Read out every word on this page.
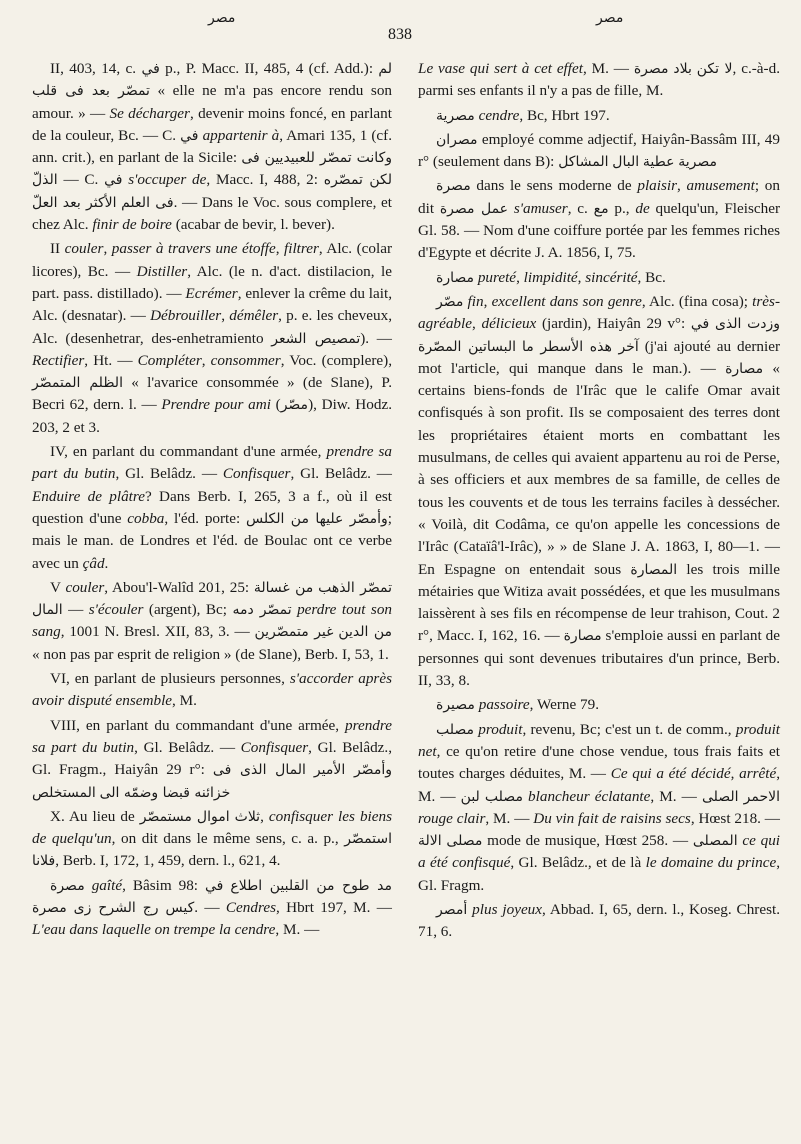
مصر
838
مصر

II, 403, 14, c. في p., P. Macc. II, 485, 4 (cf. Add.): لم تمصّر بعد فى قلب « elle ne m'a pas encore rendu son amour. » — Se décharger, devenir moins foncé, en parlant de la couleur, Bc. — C. في appartenir à, Amari 135, 1 (cf. ann. crit.), en parlant de la Sicile: وكانت تمصّر للعبيديين فى الذلّ — C. في s'occuper de, Macc. I, 488, 2: لكن تمصّره فى العلم الأكثر بعد العلّ	. — Dans le Voc. sous complere, et chez Alc. finir de boire (acabar de bevir, l. bever).

II couler, passer à travers une étoffe, filtrer, Alc. (colar licores), Bc. — Distiller, Alc. (le n. d'act. distilacion, le part. pass. distillado). — Ecrémer, enlever la crême du lait, Alc. (desnatar). — Débrouiller, démêler, p. e. les cheveux, Alc. (desenhetrar, des-enhetramiento تمصيص الشعر). — Rectifier, Ht. — Compléter, consommer, Voc. (complere), الظلم المتمصّر « l'avarice consommée » (de Slane), P. Becri 62, dern. l. — Prendre pour ami (مصّر), Diw. Hodz. 203, 2 et 3.

IV, en parlant du commandant d'une armée, prendre sa part du butin, Gl. Belâdz. — Confisquer, Gl. Belâdz. — Enduire de plâtre? Dans Berb. I, 265, 3 a f., où il est question d'une cobba, l'éd. porte: وأمصّر عليها من الكلس; mais le man. de Londres et l'éd. de Boulac ont ce verbe avec un çâd.

V couler, Abou'l-Walîd 201, 25:	تمصّر الذهب من غسالة — المال s'écouler (argent), Bc; تمصّر دمه perdre tout son sang, 1001 N. Bresl. XII, 83, 3. —	من الدين غير متمصّرين « non pas par esprit de religion » (de Slane), Berb. I, 53, 1.

VI, en parlant de plusieurs personnes, s'accorder après avoir disputé ensemble, M.

VIII, en parlant du commandant d'une armée, prendre sa part du butin, Gl. Belâdz. — Confisquer, Gl. Belâdz., Gl. Fragm., Haiyân 29 r°:	وأمصّر الأمير المال الذى فى خزائنه قبضا وضمّه الى المستخلص

X. Au lieu de	ثلاث اموال مستمصّر	, confisquer les biens de quelqu'un, on dit dans le même sens, c. a. p., استمصّر فلانا, Berb. I, 172, 1, 459, dern. l., 621, 4.

مصرة gaîté, Bâsim 98: مد طوح من القلبين اطلاع في كيس رج الشرح زى مصرة. — Cendres, Hbrt 197, M. — L'eau dans laquelle on trempe la cendre, M. —

Le vase qui sert à cet effet, M. —	لا تكن بلاد مصرة	, c.-à-d. parmi ses enfants il n'y a pas de fille, M.

مصرية cendre, Bc, Hbrt 197.

مصران employé comme adjectif, Haiyân-Bassâm III, 49 r° (seulement dans B):	مصرية عطية البال المشاكل

مصرة dans le sens moderne de plaisir, amusement; on dit عمل مصرة s'amuser, c. مع p., de quelqu'un, Fleischer Gl. 58. — Nom d'une coiffure portée par les femmes riches d'Egypte et décrite J. A. 1856, I, 75.

مصارة pureté, limpidité, sincérité, Bc.

مصّر fin, excellent dans son genre, Alc. (fina cosa); très-agréable, délicieux (jardin), Haiyân 29 v°:	وزدت الذى في آخر هذه الأسطر ما البساتين المصّرة	(j'ai ajouté au dernier mot l'article, qui manque dans le man.). — مصارة « certains biens-fonds de l'Irâc que le calife Omar avait confisqués à son profit. Ils se composaient des terres dont les propriétaires étaient morts en combattant les musulmans, de celles qui avaient appartenu au roi de Perse, à ses officiers et aux membres de sa famille, de celles de tous les couvents et de tous les terrains faciles à dessécher. « Voilà, dit Codâma, ce qu'on appelle les concessions de l'Irâc (Cataïâ'l-Irâc), » » de Slane J. A. 1863, I, 80—1. — En Espagne on entendait sous المصارة les trois mille métairies que Witiza avait possédées, et que les musulmans laissèrent à ses fils en récompense de leur trahison, Cout. 2 r°, Macc. I, 162, 16. — مصارة s'emploie aussi en parlant de personnes qui sont devenues tributaires d'un prince, Berb. II, 33, 8.

مصيرة passoire, Werne 79.

مصلب produit, revenu, Bc; c'est un t. de comm., produit net, ce qu'on retire d'une chose vendue, tous frais faits et toutes charges déduites, M. — Ce qui a été décidé, arrêté, M. — مصلب لبن	blancheur éclatante, M. —	الاحمر الصلى rouge clair, M. — Du vin fait de raisins secs, Hœst 218. — مصلى الالة	mode de musique, Hœst 258. — المصلى ce qui a été confisqué, Gl. Belâdz., et de là le domaine du prince, Gl. Fragm.

أمصر plus joyeux, Abbad. I, 65, dern. l., Koseg. Chrest. 71, 6.
